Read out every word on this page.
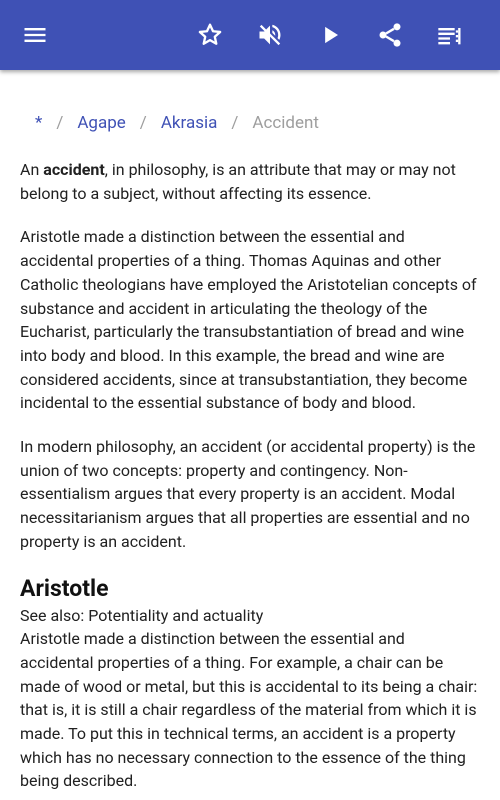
* / Agape / Akrasia / Accident

An accident, in philosophy, is an attribute that may or may not belong to a subject, without affecting its essence.

Aristotle made a distinction between the essential and accidental properties of a thing. Thomas Aquinas and other Catholic theologians have employed the Aristotelian concepts of substance and accident in articulating the theology of the Eucharist, particularly the transubstantiation of bread and wine into body and blood. In this example, the bread and wine are considered accidents, since at transubstantiation, they become incidental to the essential substance of body and blood.

In modern philosophy, an accident (or accidental property) is the union of two concepts: property and contingency. Non-essentialism argues that every property is an accident. Modal necessitarianism argues that all properties are essential and no property is an accident.

Aristotle
See also: Potentiality and actuality
Aristotle made a distinction between the essential and accidental properties of a thing. For example, a chair can be made of wood or metal, but this is accidental to its being a chair: that is, it is still a chair regardless of the material from which it is made. To put this in technical terms, an accident is a property which has no necessary connection to the essence of the thing being described.
